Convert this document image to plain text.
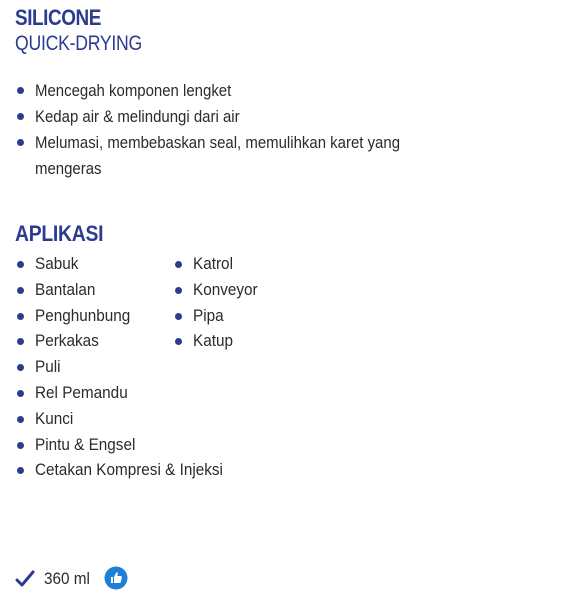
SILICONE
QUICK-DRYING
Mencegah komponen lengket
Kedap air & melindungi dari air
Melumasi, membebaskan seal, memulihkan karet yang
mengeras
APLIKASI
Sabuk
Bantalan
Penghunbung
Perkakas
Puli
Rel Pemandu
Kunci
Pintu & Engsel
Cetakan Kompresi & Injeksi
Katrol
Konveyor
Pipa
Katup
360 ml
